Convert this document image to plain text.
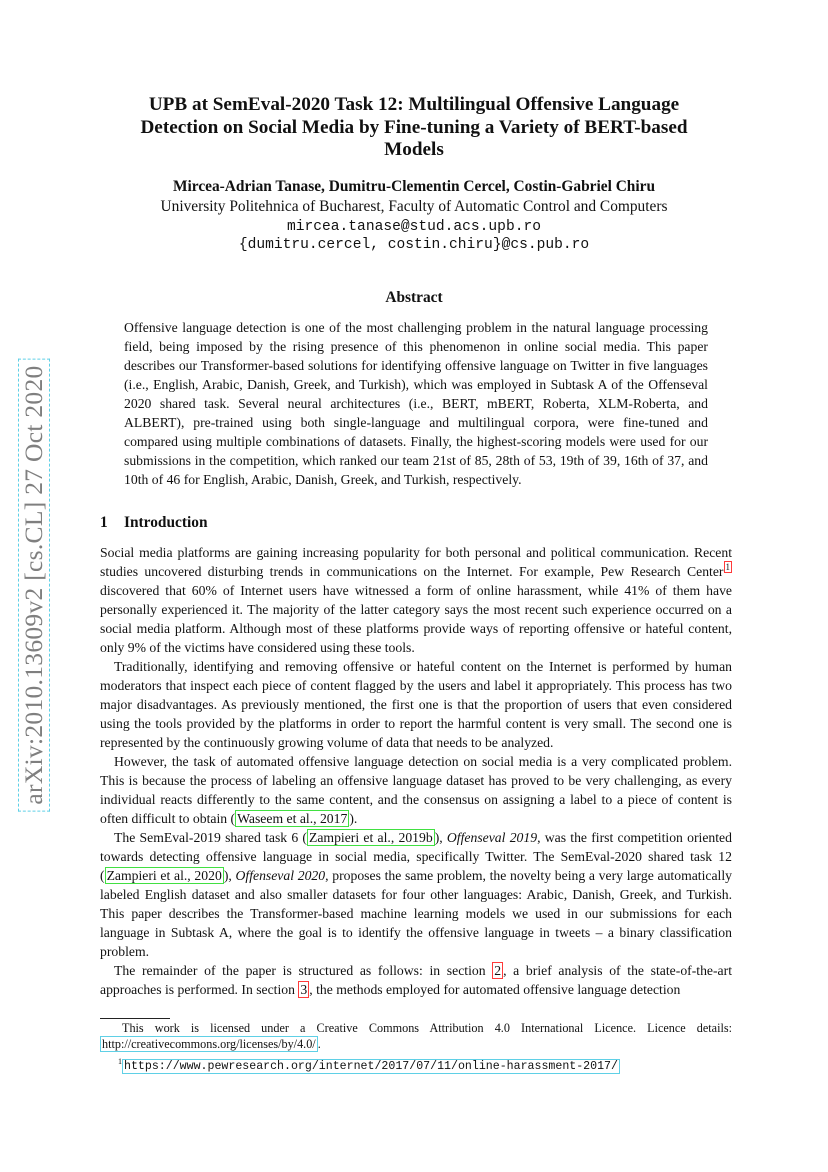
arXiv:2010.13609v2 [cs.CL] 27 Oct 2020
UPB at SemEval-2020 Task 12: Multilingual Offensive Language
Detection on Social Media by Fine-tuning a Variety of BERT-based
Models
Mircea-Adrian Tanase, Dumitru-Clementin Cercel, Costin-Gabriel Chiru
University Politehnica of Bucharest, Faculty of Automatic Control and Computers
mircea.tanase@stud.acs.upb.ro
{dumitru.cercel, costin.chiru}@cs.pub.ro
Abstract
Offensive language detection is one of the most challenging problem in the natural language processing field, being imposed by the rising presence of this phenomenon in online social media. This paper describes our Transformer-based solutions for identifying offensive language on Twitter in five languages (i.e., English, Arabic, Danish, Greek, and Turkish), which was employed in Subtask A of the Offenseval 2020 shared task. Several neural architectures (i.e., BERT, mBERT, Roberta, XLM-Roberta, and ALBERT), pre-trained using both single-language and multilingual corpora, were fine-tuned and compared using multiple combinations of datasets. Finally, the highest-scoring models were used for our submissions in the competition, which ranked our team 21st of 85, 28th of 53, 19th of 39, 16th of 37, and 10th of 46 for English, Arabic, Danish, Greek, and Turkish, respectively.
1 Introduction

Social media platforms are gaining increasing popularity for both personal and political communication. Recent studies uncovered disturbing trends in communications on the Internet. For example, Pew Research Center $^1$ discovered that 60% of Internet users have witnessed a form of online harassment, while 41% of them have personally experienced it. The majority of the latter category says the most recent such experience occurred on a social media platform. Although most of these platforms provide ways of reporting offensive or hateful content, only 9% of the victims have considered using these tools.

Traditionally, identifying and removing offensive or hateful content on the Internet is performed by human moderators that inspect each piece of content flagged by the users and label it appropriately. This process has two major disadvantages. As previously mentioned, the first one is that the proportion of users that even considered using the tools provided by the platforms in order to report the harmful content is very small. The second one is represented by the continuously growing volume of data that needs to be analyzed.

However, the task of automated offensive language detection on social media is a very complicated problem. This is because the process of labeling an offensive language dataset has proved to be very challenging, as every individual reacts differently to the same content, and the consensus on assigning a label to a piece of content is often difficult to obtain ( Waseem et al., 2017 ).

The SemEval-2019 shared task 6 ( Zampieri et al., 2019b ), Offenseval 2019, was the first competition oriented towards detecting offensive language in social media, specifically Twitter. The SemEval-2020 shared task 12 ( Zampieri et al., 2020 ), Offenseval 2020, proposes the same problem, the novelty being a very large automatically labeled English dataset and also smaller datasets for four other languages: Arabic, Danish, Greek, and Turkish. This paper describes the Transformer-based machine learning models we used in our submissions for each language in Subtask A, where the goal is to identify the offensive language in tweets – a binary classification problem.

The remainder of the paper is structured as follows: in section 2 , a brief analysis of the state-of-the-art approaches is performed. In section 3 , the methods employed for automated offensive language detection

This work is licensed under a Creative Commons Attribution 4.0 International Licence. Licence details: http://creativecommons.org/licenses/by/4.0/ .
$^1$ https://www.pewresearch.org/internet/2017/07/11/online-harassment-2017/
